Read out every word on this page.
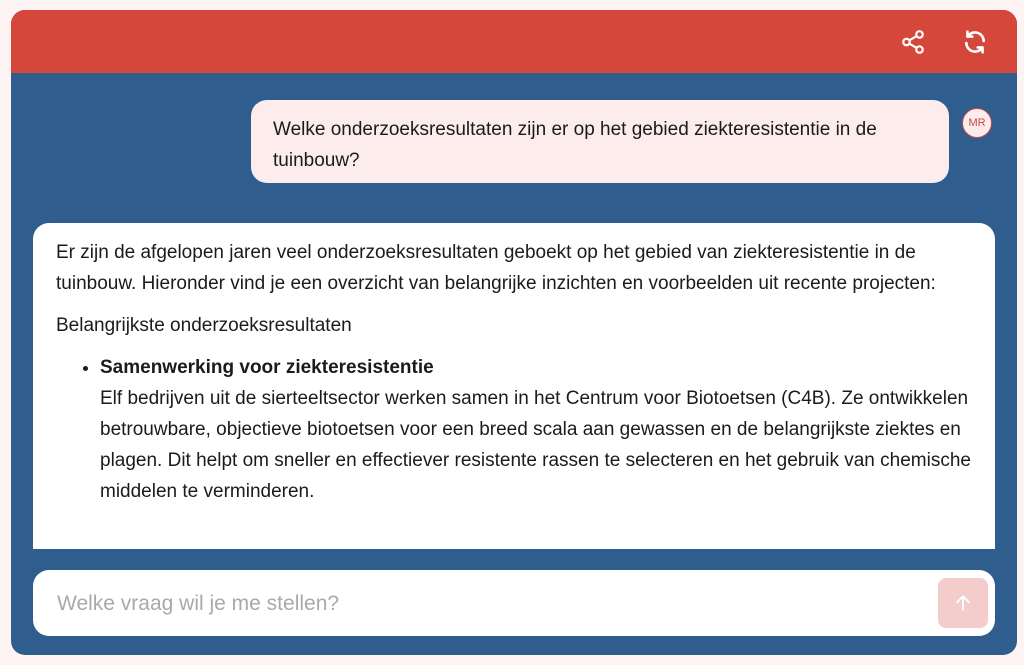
Welke onderzoeksresultaten zijn er op het gebied ziekteresistentie in de tuinbouw?
MR

Er zijn de afgelopen jaren veel onderzoeksresultaten geboekt op het gebied van ziekteresistentie in de tuinbouw. Hieronder vind je een overzicht van belangrijke inzichten en voorbeelden uit recente projecten:

Belangrijkste onderzoeksresultaten

• Samenwerking voor ziekteresistentie
Elf bedrijven uit de sierteeltsector werken samen in het Centrum voor Biotoetsen (C4B). Ze ontwikkelen betrouwbare, objectieve biotoetsen voor een breed scala aan gewassen en de belangrijkste ziektes en plagen. Dit helpt om sneller en effectiever resistente rassen te selecteren en het gebruik van chemische middelen te verminderen.
Welke vraag wil je me stellen?
